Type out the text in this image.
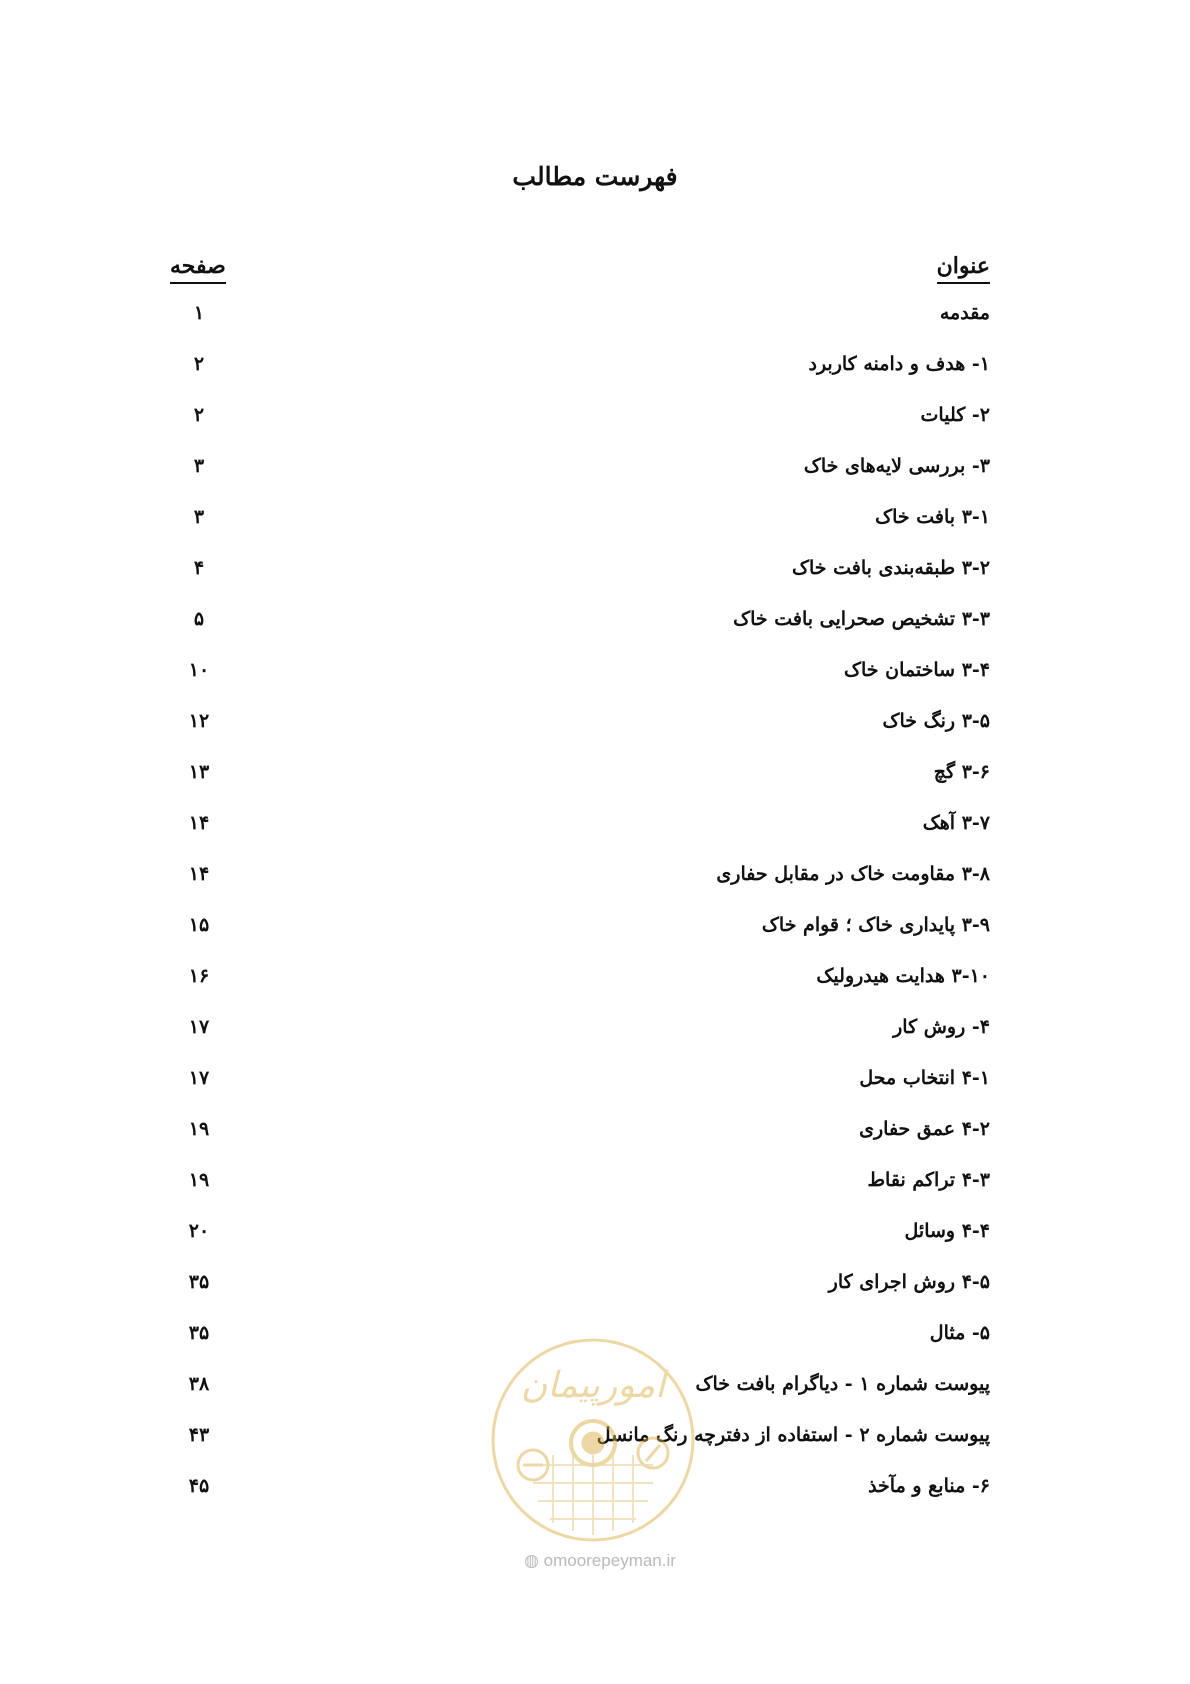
فهرست مطالب
عنوان
صفحه
مقدمه
۱
۱- هدف و دامنه کاربرد
۲
۲- کلیات
۲
۳- بررسی لایه‌های خاک
۳
۳-۱ بافت خاک
۳
۳-۲ طبقه‌بندی بافت خاک
۴
۳-۳ تشخیص صحرایی بافت خاک
۵
۳-۴ ساختمان خاک
۱۰
۳-۵ رنگ خاک
۱۲
۳-۶ گچ
۱۳
۳-۷ آهک
۱۴
۳-۸ مقاومت خاک در مقابل حفاری
۱۴
۳-۹ پایداری خاک ؛ قوام خاک
۱۵
۳-۱۰ هدایت هیدرولیک
۱۶
۴- روش کار
۱۷
۴-۱ انتخاب محل
۱۷
۴-۲ عمق حفاری
۱۹
۴-۳ تراکم نقاط
۱۹
۴-۴ وسائل
۲۰
۴-۵ روش اجرای کار
۳۵
۵- مثال
۳۵
پیوست شماره ۱ - دیاگرام بافت خاک
۳۸
پیوست شماره ۲ - استفاده از دفترچه رنگ مانسل
۴۳
۶- منابع و مآخذ
۴۵
امورپیمان
◍ omoorepeyman.ir
